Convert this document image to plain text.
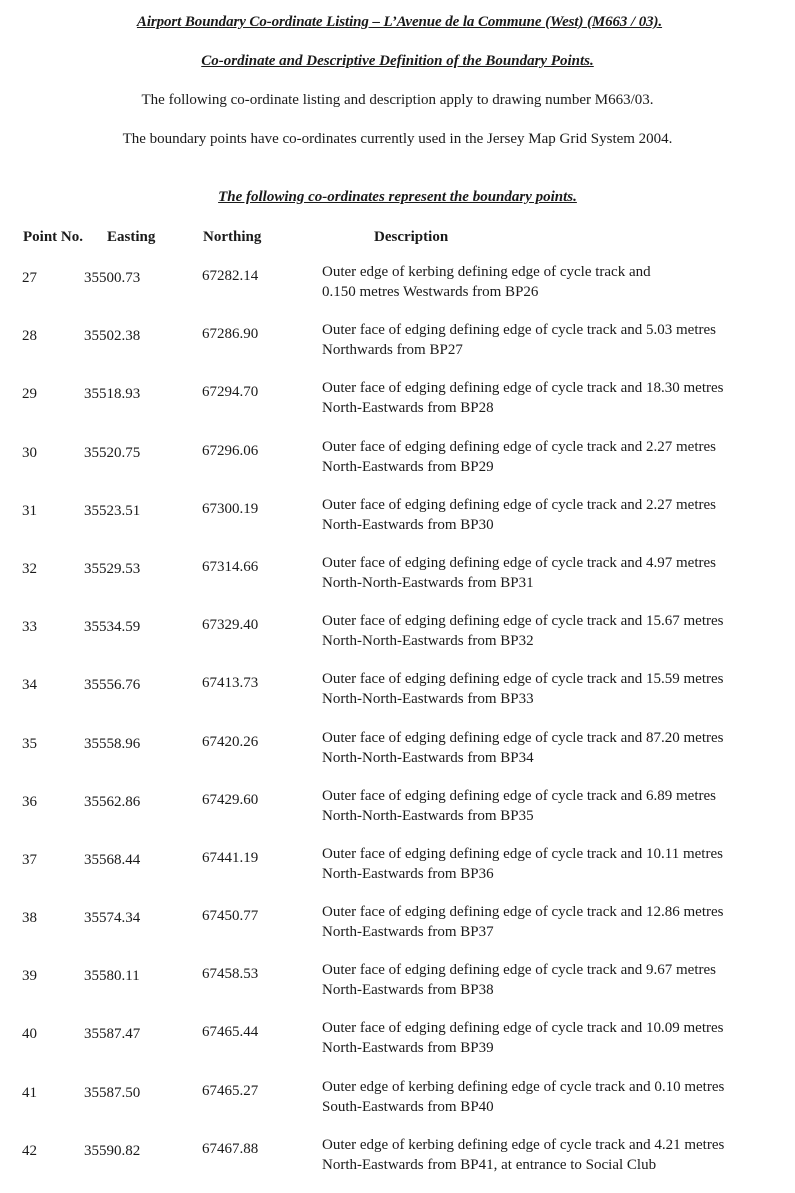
Airport Boundary Co-ordinate Listing – L’Avenue de la Commune (West) (M663 / 03).
Co-ordinate and Descriptive Definition of the Boundary Points.
The following co-ordinate listing and description apply to drawing number M663/03.
The boundary points have co-ordinates currently used in the Jersey Map Grid System 2004.
The following co-ordinates represent the boundary points.
Point No. Easting	Northing	Description
27	35500.73	67282.14	Outer edge of kerbing defining edge of cycle track and
0.150 metres Westwards from BP26
28	35502.38	67286.90	Outer face of edging defining edge of cycle track and 5.03 metres
Northwards from BP27
29	35518.93	67294.70	Outer face of edging defining edge of cycle track and 18.30 metres
North-Eastwards from BP28
30	35520.75	67296.06	Outer face of edging defining edge of cycle track and 2.27 metres
North-Eastwards from BP29
31	35523.51	67300.19	Outer face of edging defining edge of cycle track and 2.27 metres
North-Eastwards from BP30
32	35529.53	67314.66	Outer face of edging defining edge of cycle track and 4.97 metres
North-North-Eastwards from BP31
33	35534.59	67329.40	Outer face of edging defining edge of cycle track and 15.67 metres
North-North-Eastwards from BP32
34	35556.76	67413.73	Outer face of edging defining edge of cycle track and 15.59 metres
North-North-Eastwards from BP33
35	35558.96	67420.26	Outer face of edging defining edge of cycle track and 87.20 metres
North-North-Eastwards from BP34
36	35562.86	67429.60	Outer face of edging defining edge of cycle track and 6.89 metres
North-North-Eastwards from BP35
37	35568.44	67441.19	Outer face of edging defining edge of cycle track and 10.11 metres
North-Eastwards from BP36
38	35574.34	67450.77	Outer face of edging defining edge of cycle track and 12.86 metres
North-Eastwards from BP37
39	35580.11	67458.53	Outer face of edging defining edge of cycle track and 9.67 metres
North-Eastwards from BP38
40	35587.47	67465.44	Outer face of edging defining edge of cycle track and 10.09 metres
North-Eastwards from BP39
41	35587.50	67465.27	Outer edge of kerbing defining edge of cycle track and 0.10 metres
South-Eastwards from BP40
42	35590.82	67467.88	Outer edge of kerbing defining edge of cycle track and 4.21 metres
North-Eastwards from BP41, at entrance to Social Club
